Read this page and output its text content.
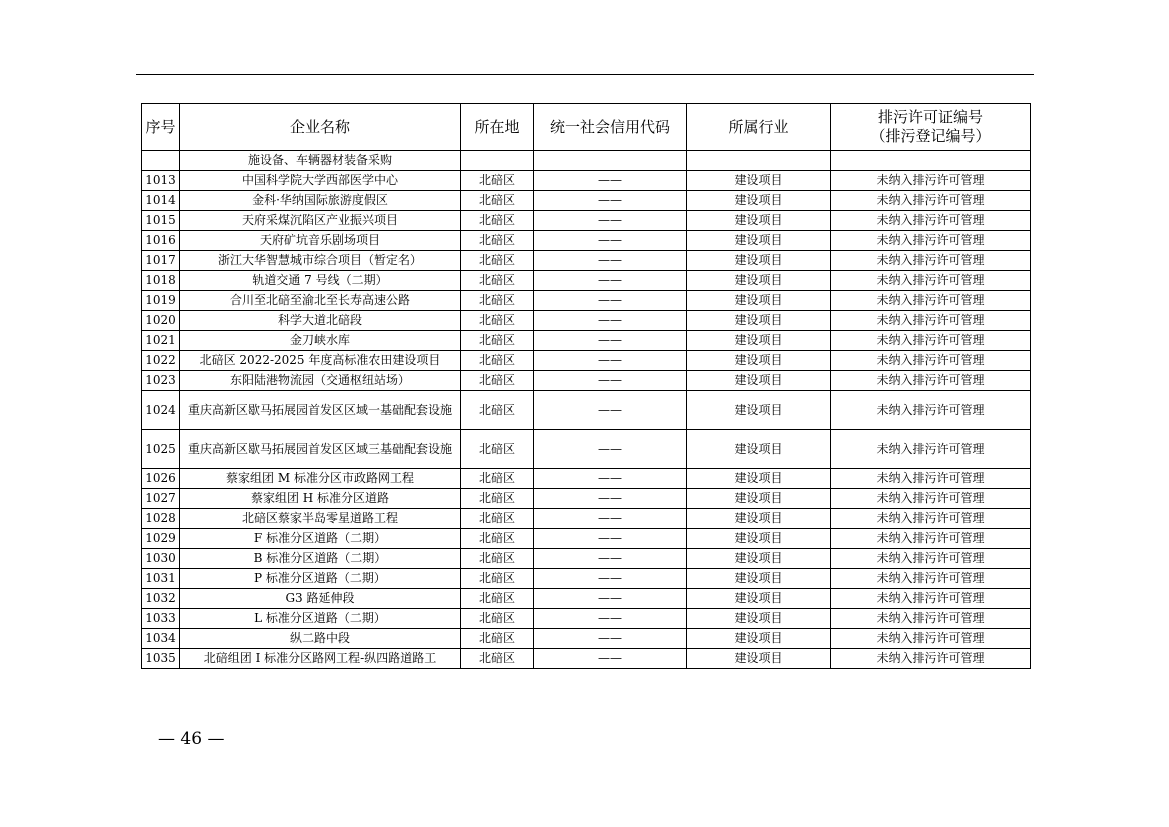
序号	企业名称	所在地	统一社会信用代码	所属行业	排污许可证编号
（排污登记编号）

	施设备、车辆器材装备采购				
1013	中国科学院大学西部医学中心	北碚区	——	建设项目	未纳入排污许可管理
1014	金科·华纳国际旅游度假区	北碚区	——	建设项目	未纳入排污许可管理
1015	天府采煤沉陷区产业振兴项目	北碚区	——	建设项目	未纳入排污许可管理
1016	天府矿坑音乐剧场项目	北碚区	——	建设项目	未纳入排污许可管理
1017	浙江大华智慧城市综合项目（暂定名）	北碚区	——	建设项目	未纳入排污许可管理
1018	轨道交通 7 号线（二期）	北碚区	——	建设项目	未纳入排污许可管理
1019	合川至北碚至渝北至长寿高速公路	北碚区	——	建设项目	未纳入排污许可管理
1020	科学大道北碚段	北碚区	——	建设项目	未纳入排污许可管理
1021	金刀峡水库	北碚区	——	建设项目	未纳入排污许可管理
1022	北碚区 2022-2025 年度高标准农田建设项目	北碚区	——	建设项目	未纳入排污许可管理
1023	东阳陆港物流园（交通枢纽站场）	北碚区	——	建设项目	未纳入排污许可管理
1024	重庆高新区歇马拓展园首发区区域一基础配套设施	北碚区	——	建设项目	未纳入排污许可管理
1025	重庆高新区歇马拓展园首发区区域三基础配套设施	北碚区	——	建设项目	未纳入排污许可管理
1026	蔡家组团 M 标准分区市政路网工程	北碚区	——	建设项目	未纳入排污许可管理
1027	蔡家组团 H 标准分区道路	北碚区	——	建设项目	未纳入排污许可管理
1028	北碚区蔡家半岛零星道路工程	北碚区	——	建设项目	未纳入排污许可管理
1029	F 标准分区道路（二期）	北碚区	——	建设项目	未纳入排污许可管理
1030	B 标准分区道路（二期）	北碚区	——	建设项目	未纳入排污许可管理
1031	P 标准分区道路（二期）	北碚区	——	建设项目	未纳入排污许可管理
1032	G3 路延伸段	北碚区	——	建设项目	未纳入排污许可管理
1033	L 标准分区道路（二期）	北碚区	——	建设项目	未纳入排污许可管理
1034	纵二路中段	北碚区	——	建设项目	未纳入排污许可管理
1035	北碚组团 I 标准分区路网工程-纵四路道路工	北碚区	——	建设项目	未纳入排污许可管理
— 46 —
